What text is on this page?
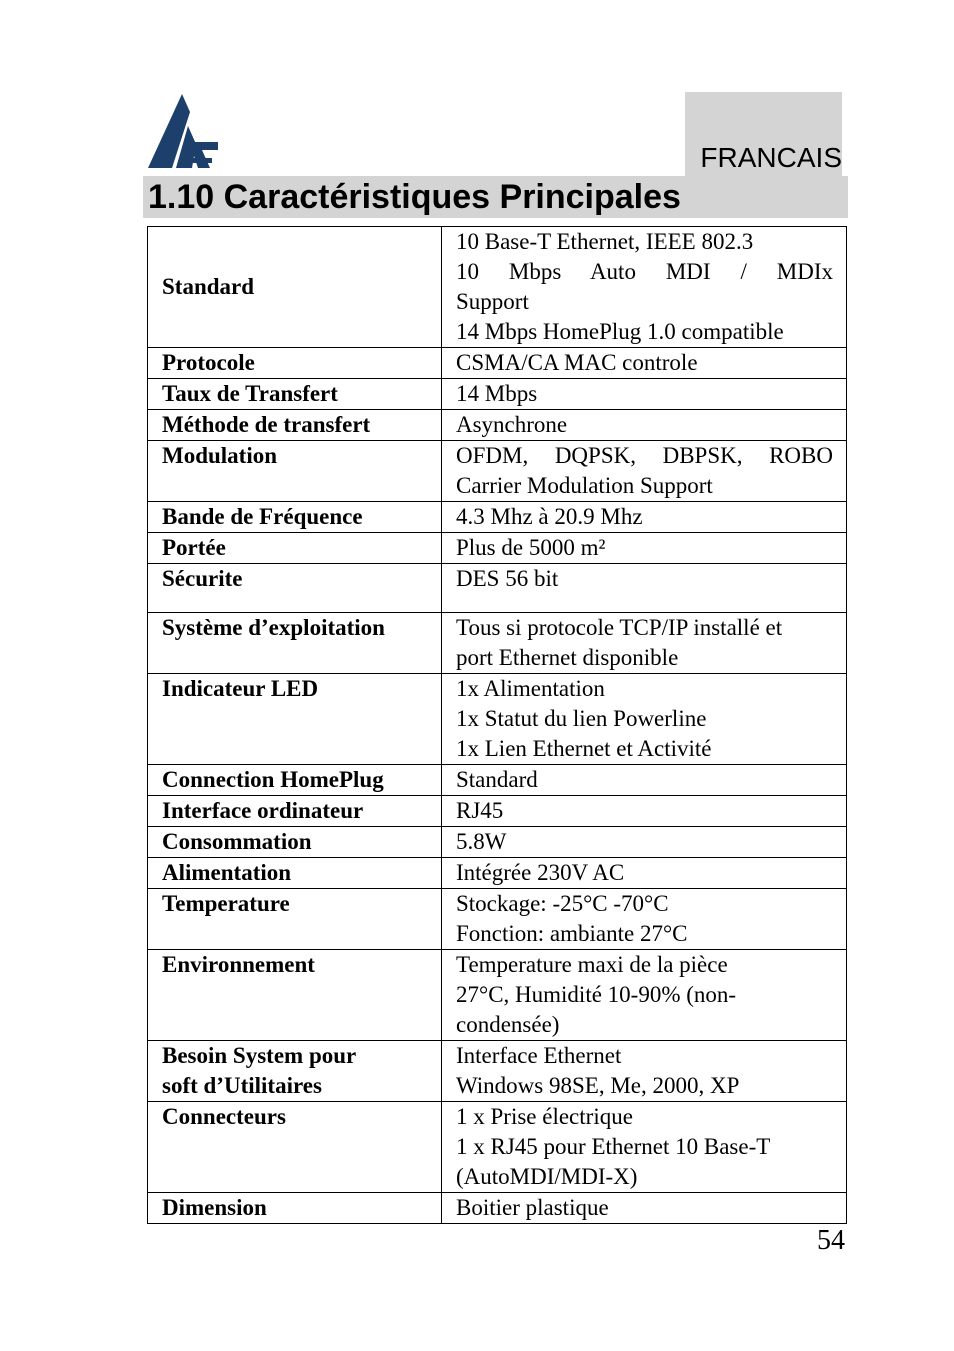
FRANCAIS
1.10 Caractéristiques Principales
Standard	10 Base-T Ethernet, IEEE 802.3
10 Mbps Auto MDI / MDIx
Support
14 Mbps HomePlug 1.0 compatible

Protocole	CSMA/CA MAC controle

Taux de Transfert	14 Mbps

Méthode de transfert	Asynchrone

Modulation	OFDM, DQPSK, DBPSK, ROBO
Carrier Modulation Support

Bande de Fréquence	4.3 Mhz à 20.9 Mhz

Portée	Plus de 5000 m²

Sécurite	DES 56 bit

Système d’exploitation	Tous si protocole TCP/IP installé et
port Ethernet disponible

Indicateur LED	1x Alimentation
1x Statut du lien Powerline
1x Lien Ethernet et Activité

Connection HomePlug	Standard

Interface ordinateur	RJ45

Consommation	5.8W

Alimentation	Intégrée 230V AC

Temperature	Stockage: -25°C -70°C
Fonction: ambiante 27°C

Environnement	Temperature maxi de la pièce
27°C, Humidité 10-90% (non-
condensée)

Besoin System pour
soft d’Utilitaires	Interface Ethernet
Windows 98SE, Me, 2000, XP

Connecteurs	1 x Prise électrique
1 x RJ45 pour Ethernet 10 Base-T
(AutoMDI/MDI-X)

Dimension	Boitier plastique
54
